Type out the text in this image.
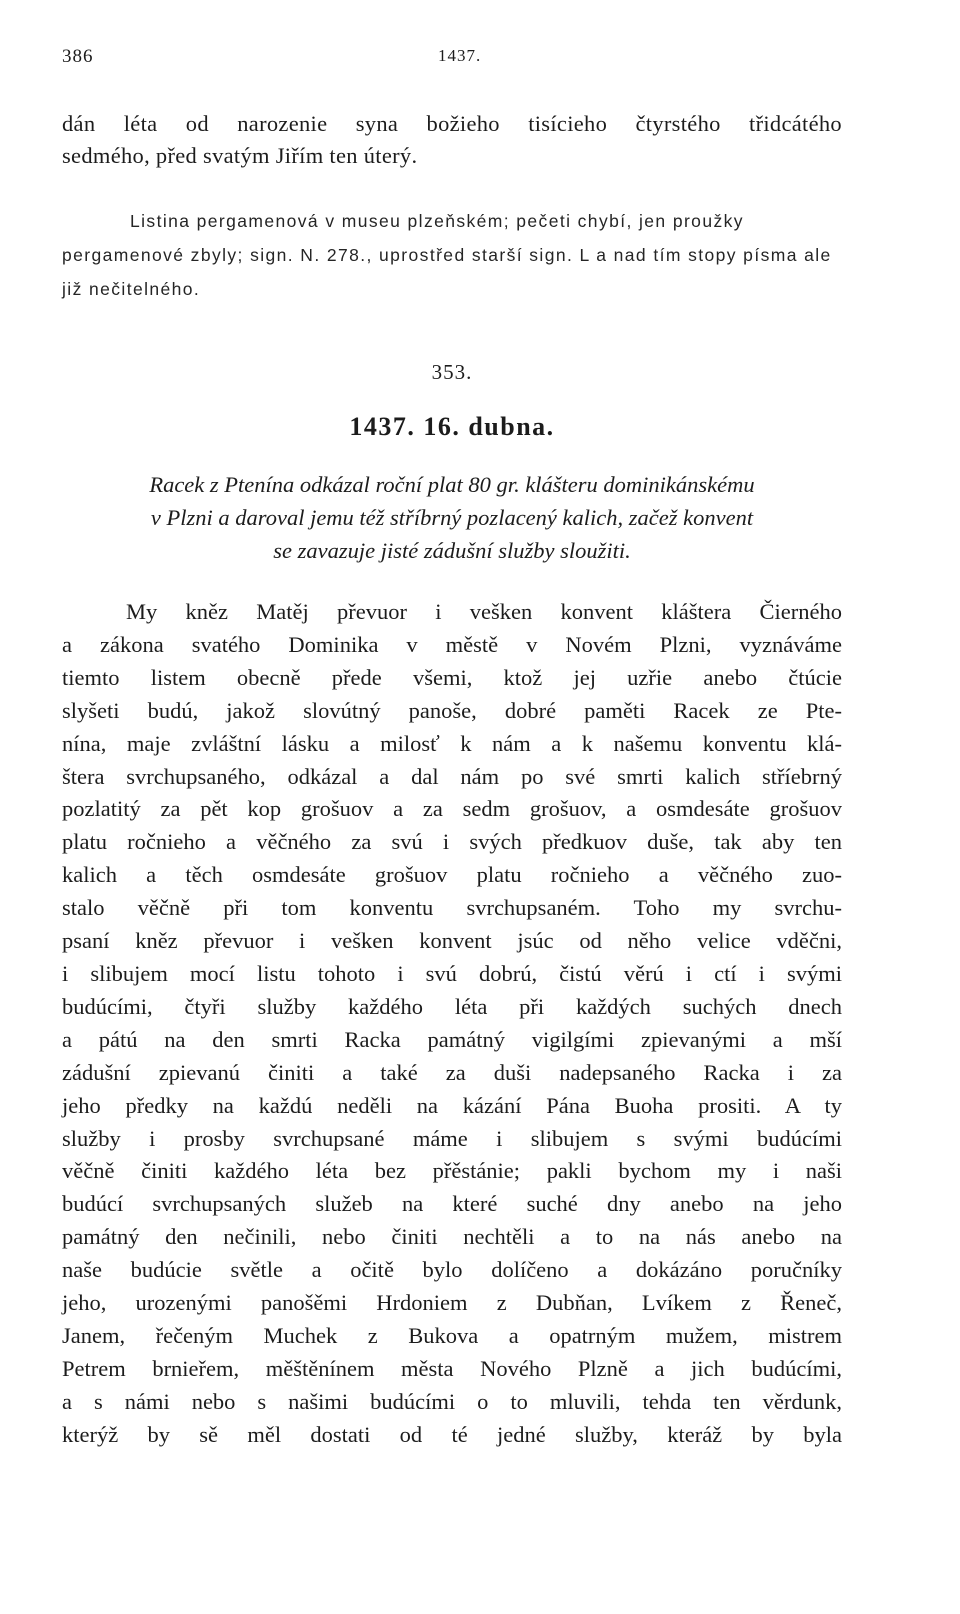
386	1437.
dán léta od narozenie syna božieho tisícieho čtyrstého třidcátého
sedmého, před svatým Jiřím ten úterý.
Listina pergamenová v museu plzeňském; pečeti chybí, jen proužky pergamenové zbyly; sign. N. 278., uprostřed starší sign. L a nad tím stopy písma ale již nečitelného.
353.
1437. 16. dubna.
Racek z Ptenína odkázal roční plat 80 gr. klášteru dominikánskému
v Plzni a daroval jemu též stříbrný pozlacený kalich, začež konvent
se zavazuje jisté zádušní služby sloužiti.
My kněz Matěj převuor i vešken konvent kláštera Čierného
a zákona svatého Dominika v městě v Novém Plzni, vyznáváme
tiemto listem obecně přede všemi, ktož jej uzřie anebo čtúcie
slyšeti budú, jakož slovútný panoše, dobré paměti Racek ze Pte-
nína, maje zvláštní lásku a milosť k nám a k našemu konventu klá-
štera svrchupsaného, odkázal a dal nám po své smrti kalich stříebrný
pozlatitý za pět kop grošuov a za sedm grošuov, a osmdesáte grošuov
platu ročnieho a věčného za svú i svých předkuov duše, tak aby ten
kalich a těch osmdesáte grošuov platu ročnieho a věčného zuo-
stalo věčně při tom konventu svrchupsaném. Toho my svrchu-
psaní kněz převuor i vešken konvent jsúc od něho velice vděčni,
i slibujem mocí listu tohoto i svú dobrú, čistú věrú i ctí i svými
budúcími, čtyři služby každého léta při každých suchých dnech
a pátú na den smrti Racka památný vigilgími zpievanými a mší
zádušní zpievanú činiti a také za duši nadepsaného Racka i za
jeho předky na každú neděli na kázání Pána Buoha prositi. A ty
služby i prosby svrchupsané máme i slibujem s svými budúcími
věčně činiti každého léta bez přěstánie; pakli bychom my i naši
budúcí svrchupsaných služeb na které suché dny anebo na jeho
památný den nečinili, nebo činiti nechtěli a to na nás anebo na
naše budúcie světle a očitě bylo dolíčeno a dokázáno poručníky
jeho, urozenými panošěmi Hrdoniem z Dubňan, Lvíkem z Řeneč,
Janem, řečeným Muchek z Bukova a opatrným mužem, mistrem
Petrem brnieřem, měštěnínem města Nového Plzně a jich budúcími,
a s námi nebo s našimi budúcími o to mluvili, tehda ten věrdunk,
kterýž by sě měl dostati od té jedné služby, kteráž by byla
